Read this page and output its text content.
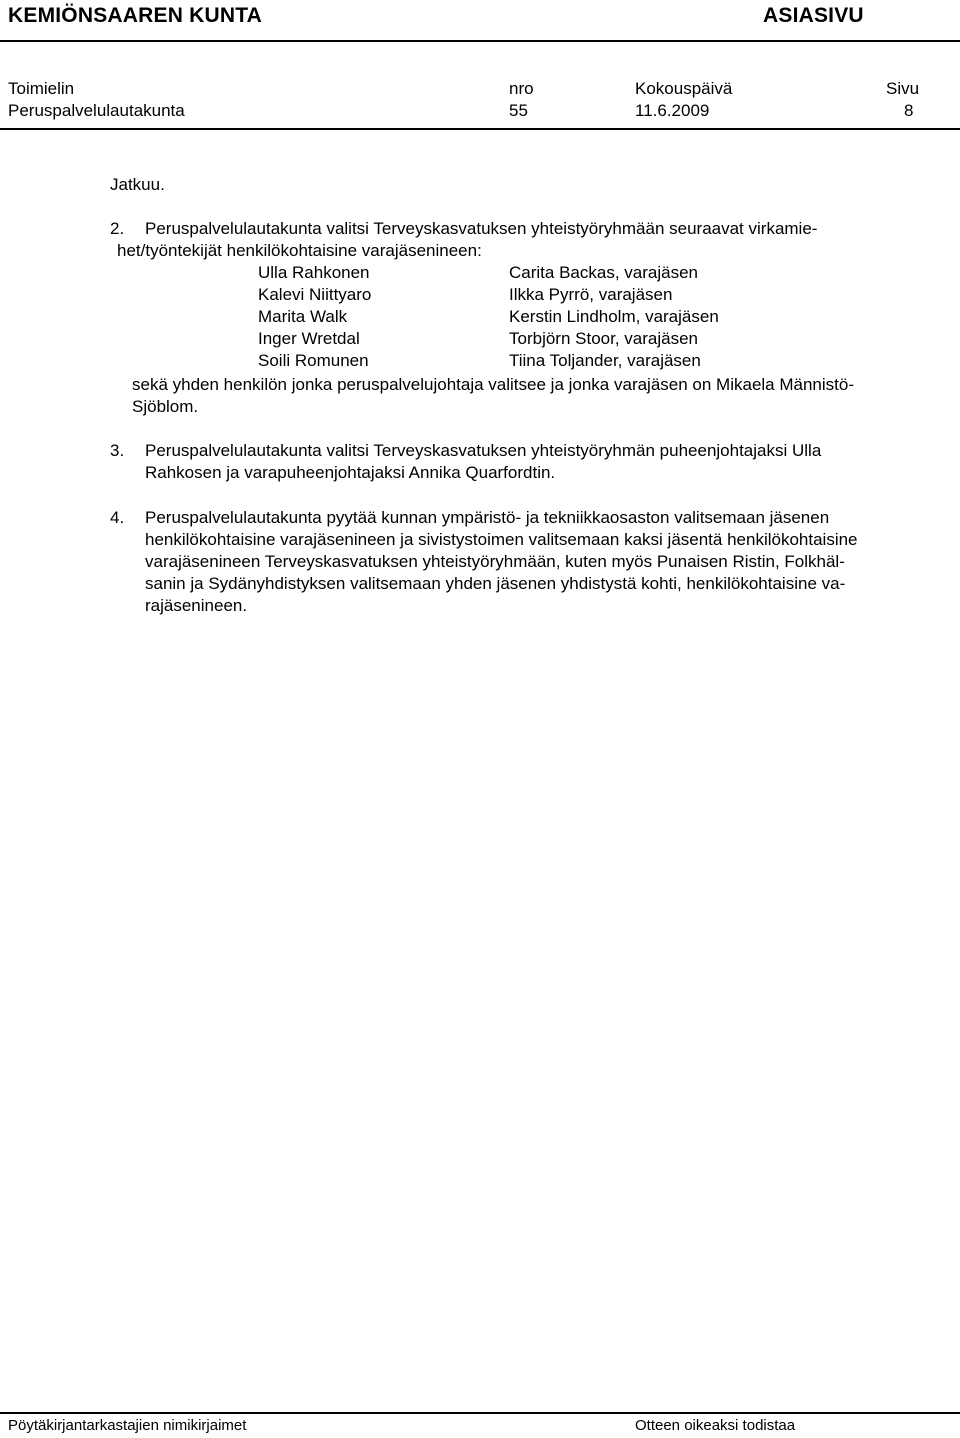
KEMIÖNSAAREN KUNTA	ASIASIVU
Toimielin	nro	Kokouspäivä	Sivu
Peruspalvelulautakunta	55	11.6.2009	8
Jatkuu.
2. Peruspalvelulautakunta valitsi Terveyskasvatuksen yhteistyöryhmään seuraavat virkamie-
het/työntekijät henkilökohtaisine varajäsenineen:
Ulla Rahkonen	Carita Backas, varajäsen
Kalevi Niittyaro	Ilkka Pyrrö, varajäsen
Marita Walk	Kerstin Lindholm, varajäsen
Inger Wretdal	Torbjörn Stoor, varajäsen
Soili Romunen	Tiina Toljander, varajäsen
sekä yhden henkilön jonka peruspalvelujohtaja valitsee ja jonka varajäsen on Mikaela Männistö-
Sjöblom.
3. Peruspalvelulautakunta valitsi Terveyskasvatuksen yhteistyöryhmän puheenjohtajaksi Ulla
Rahkosen ja varapuheenjohtajaksi Annika Quarfordtin.
4. Peruspalvelulautakunta pyytää kunnan ympäristö- ja tekniikkaosaston valitsemaan jäsenen
henkilökohtaisine varajäsenineen ja sivistystoimen valitsemaan kaksi jäsentä henkilökohtaisine
varajäsenineen Terveyskasvatuksen yhteistyöryhmään, kuten myös Punaisen Ristin, Folkhäl-
sanin ja Sydänyhdistyksen valitsemaan yhden jäsenen yhdistystä kohti, henkilökohtaisine va-
rajäsenineen.
Pöytäkirjantarkastajien nimikirjaimet	Otteen oikeaksi todistaa
